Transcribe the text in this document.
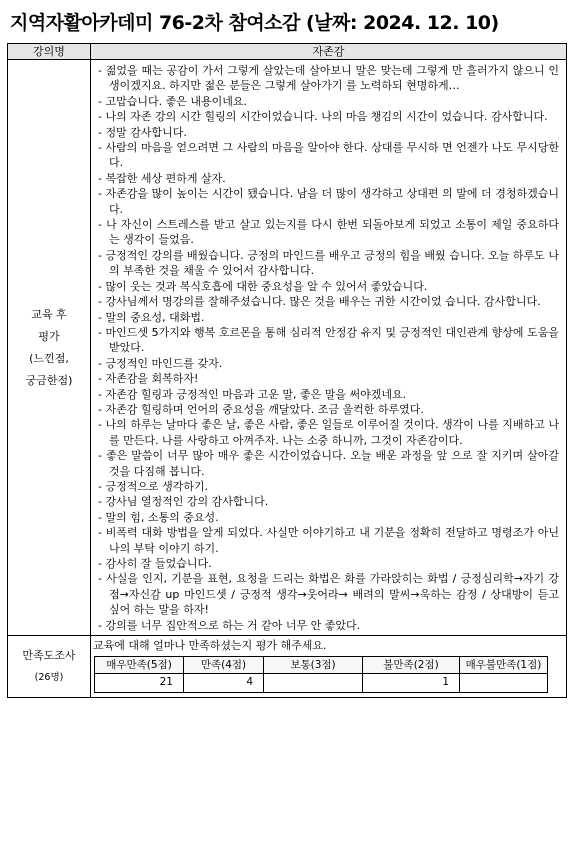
지역자활아카데미 76-2차 참여소감 (날짜: 2024. 12. 10)
강의명	자존감

교육 후
평가
(느낀점,
궁금한점)

- 젊었을 때는 공감이 가서 그렇게 살았는데 살아보니 말은 맞는데 그렇게 만 흘러가지 않으니 인생이겠지요. 하지만 젊은 분들은 그렇게 살아가기 를 노력하되 현명하게…
- 고맙습니다. 좋은 내용이네요.
- 나의 자존 강의 시간 힐링의 시간이었습니다. 나의 마음 챙김의 시간이 었습니다. 감사합니다.
- 정말 감사합니다.
- 사람의 마음을 얻으려면 그 사람의 마음을 알아야 한다. 상대를 무시하 면 언젠가 나도 무시당한다.
- 복잡한 세상 편하게 살자.
- 자존감을 많이 높이는 시간이 됐습니다. 남을 더 많이 생각하고 상대편 의 말에 더 경청하겠습니다.
- 나 자신이 스트레스를 받고 살고 있는지를 다시 한번 되돌아보게 되었고 소통이 제일 중요하다는 생각이 들었음.
- 긍정적인 강의를 배웠습니다. 긍정의 마인드를 배우고 긍정의 힘을 배웠 습니다. 오늘 하루도 나의 부족한 것을 채울 수 있어서 감사합니다.
- 많이 웃는 것과 복식호흡에 대한 중요성을 알 수 있어서 좋았습니다.
- 강사님께서 명강의를 잘해주셨습니다. 많은 것을 배우는 귀한 시간이었 습니다. 감사합니다.
- 말의 중요성, 대화법.
- 마인드셋 5가지와 행복 호르몬을 통해 심리적 안정감 유지 및 긍정적인 대인관계 향상에 도움을 받았다.
- 긍정적인 마인드를 갖자.
- 자존감을 회복하자!
- 자존감 힐링과 긍정적인 마음과 고운 말, 좋은 말을 써야겠네요.
- 자존감 힐링하며 언어의 중요성을 깨달았다. 조금 울컥한 하루였다.
- 나의 하루는 날마다 좋은 날, 좋은 사람, 좋은 일들로 이루어질 것이다. 생각이 나를 지배하고 나를 만든다. 나를 사랑하고 아껴주자. 나는 소중 하니까, 그것이 자존감이다.
- 좋은 말씀이 너무 많아 매우 좋은 시간이었습니다. 오늘 배운 과정을 앞 으로 잘 지키며 살아갈 것을 다짐해 봅니다.
- 긍정적으로 생각하기.
- 강사님 열정적인 강의 감사합니다.
- 말의 힘, 소통의 중요성.
- 비폭력 대화 방법을 알게 되었다. 사실만 이야기하고 내 기분을 정확히 전달하고 명령조가 아닌 나의 부탁 이야기 하기.
- 감사히 잘 들었습니다.
- 사실을 인지, 기분을 표현, 요청을 드리는 화법은 화를 가라앉히는 화법 / 긍정심리학→자기 강점→자신감 up 마인드셋 / 긍정적 생각→웃어라→ 배려의 말씨→욱하는 감정 / 상대방이 듣고 싶어 하는 말을 하자!
- 강의를 너무 집안적으로 하는 거 같아 너무 안 좋았다.

만족도조사
(26명)

교육에 대해 얼마나 만족하셨는지 평가 해주세요.
매우만족(5점)	만족(4점)	보통(3점)	불만족(2점)	매우불만족(1점)
21	4		1	
